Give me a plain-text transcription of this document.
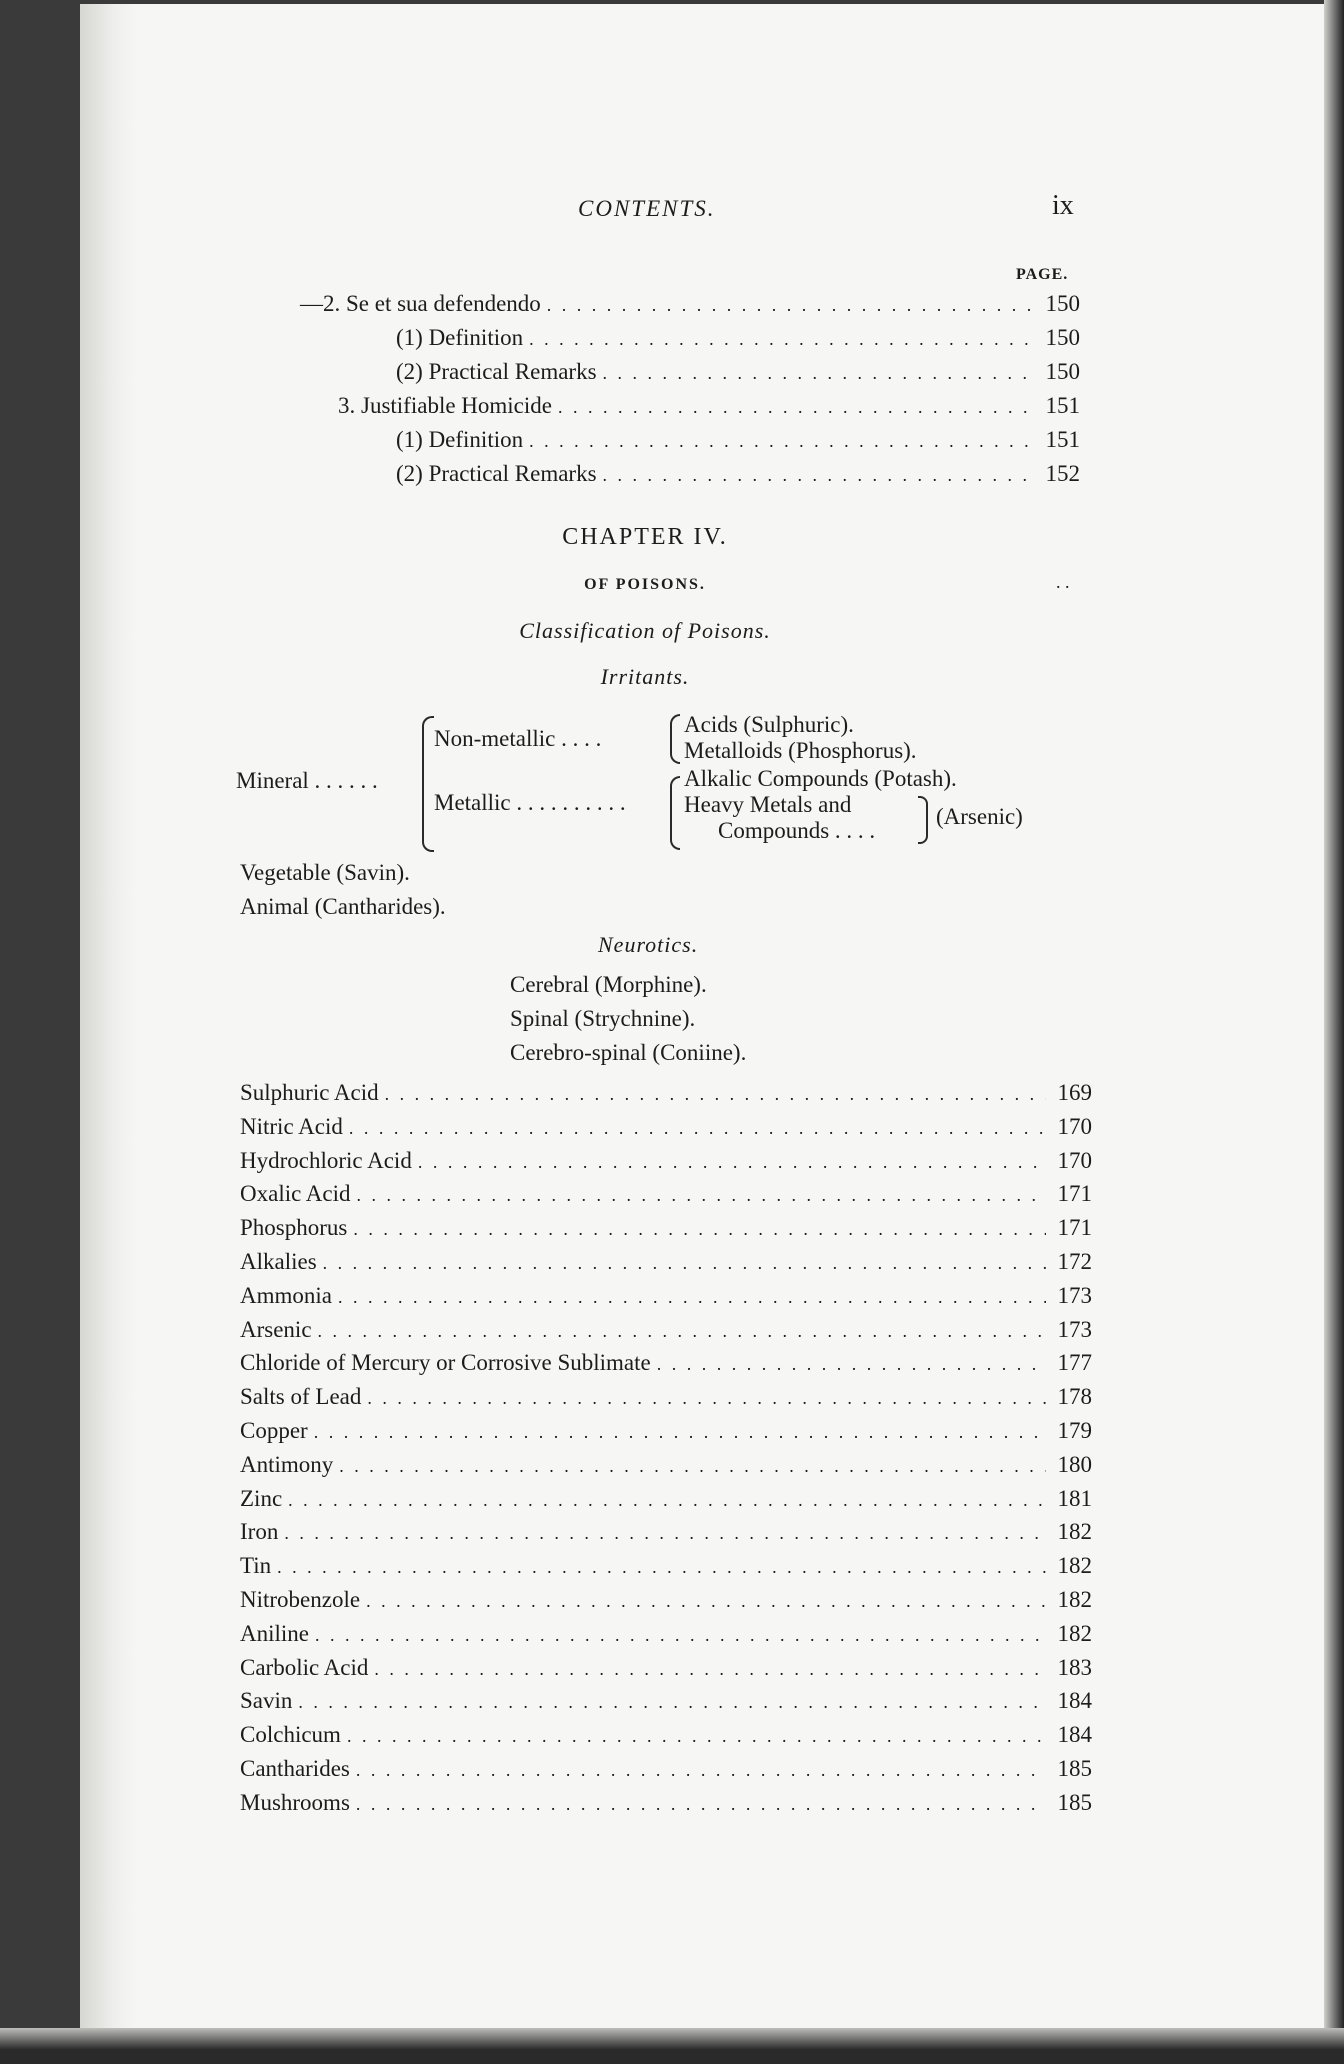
CONTENTS.	ix
PAGE.
—2. Se et sua defendendo . . .	150
(1) Definition . . .	150
(2) Practical Remarks . . .	150
3. Justifiable Homicide . . .	151
(1) Definition . . .	151
(2) Practical Remarks . . .	152
CHAPTER IV.
OF POISONS.	. .
Classification of Poisons.
Irritants.
Mineral . . . . . .
Non-metallic . . . .
Metallic . . . . . . . . . .
Acids (Sulphuric).
Metalloids (Phosphorus).
Alkalic Compounds (Potash).
Heavy Metals and
Compounds . . . .
(Arsenic)
Vegetable (Savin).
Animal (Cantharides).
Neurotics.
Cerebral (Morphine).
Spinal (Strychnine).
Cerebro-spinal (Coniine).
Sulphuric Acid . . .	169
Nitric Acid . . .	170
Hydrochloric Acid . . .	170
Oxalic Acid . . .	171
Phosphorus . . .	171
Alkalies . . .	172
Ammonia . . .	173
Arsenic . . .	173
Chloride of Mercury or Corrosive Sublimate . . .	177
Salts of Lead . . .	178
Copper . . .	179
Antimony . . .	180
Zinc . . .	181
Iron . . .	182
Tin . . .	182
Nitrobenzole . . .	182
Aniline . . .	182
Carbolic Acid . . .	183
Savin . . .	184
Colchicum . . .	184
Cantharides . . .	185
Mushrooms . . .	185
